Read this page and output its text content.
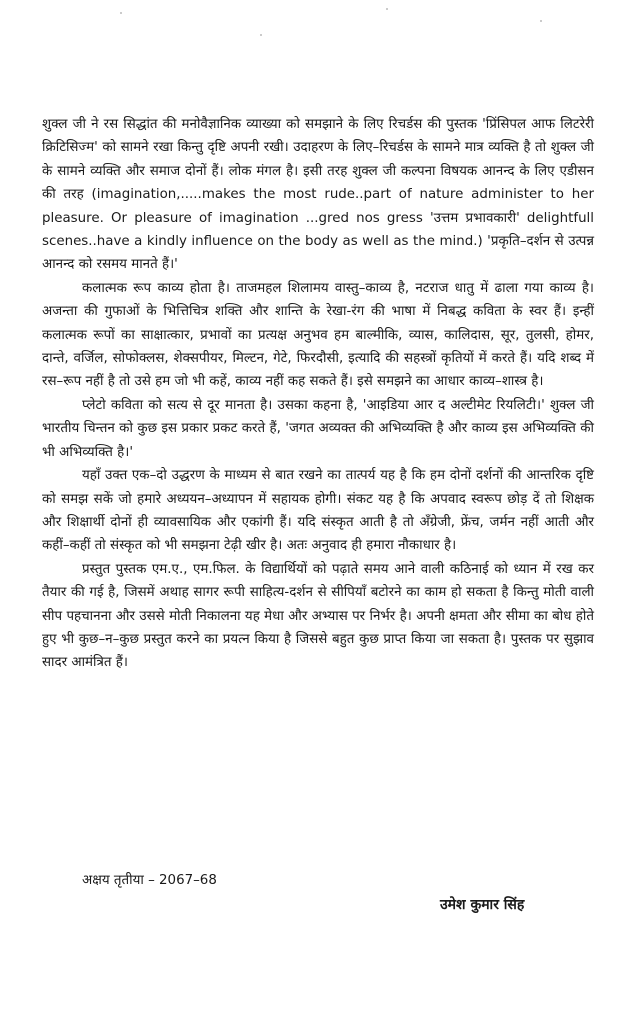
शुक्ल जी ने रस सिद्धांत की मनोवैज्ञानिक व्याख्या को समझाने के लिए रिचर्डस की पुस्तक 'प्रिंसिपल आफ लिटरेरी क्रिटिसिज्म' को सामने रखा किन्तु दृष्टि अपनी रखी। उदाहरण के लिए–रिचर्डस के सामने मात्र व्यक्ति है तो शुक्ल जी के सामने व्यक्ति और समाज दोनों हैं। लोक मंगल है। इसी तरह शुक्ल जी कल्पना विषयक आनन्द के लिए एडीसन की तरह (imagination,.....makes the most rude..part of nature administer to her pleasure. Or pleasure of imagination ...gred nos gress 'उत्तम प्रभावकारी' delightfull scenes..have a kindly influence on the body as well as the mind.) 'प्रकृति–दर्शन से उत्पन्न आनन्द को रसमय मानते हैं।'

कलात्मक रूप काव्य होता है। ताजमहल शिलामय वास्तु–काव्य है, नटराज धातु में ढाला गया काव्य है। अजन्ता की गुफाओं के भित्तिचित्र शक्ति और शान्ति के रेखा-रंग की भाषा में निबद्ध कविता के स्वर हैं। इन्हीं कलात्मक रूपों का साक्षात्कार, प्रभावों का प्रत्यक्ष अनुभव हम बाल्मीकि, व्यास, कालिदास, सूर, तुलसी, होमर, दान्ते, वर्जिल, सोफोक्लस, शेक्सपीयर, मिल्टन, गेटे, फिरदौसी, इत्यादि की सहस्त्रों कृतियों में करते हैं। यदि शब्द में रस–रूप नहीं है तो उसे हम जो भी कहें, काव्य नहीं कह सकते हैं। इसे समझने का आधार काव्य–शास्त्र है।

प्लेटो कविता को सत्य से दूर मानता है। उसका कहना है, 'आइडिया आर द अल्टीमेट रियलिटी।' शुक्ल जी भारतीय चिन्तन को कुछ इस प्रकार प्रकट करते हैं, 'जगत अव्यक्त की अभिव्यक्ति है और काव्य इस अभिव्यक्ति की भी अभिव्यक्ति है।'

यहाँ उक्त एक–दो उद्धरण के माध्यम से बात रखने का तात्पर्य यह है कि हम दोनों दर्शनों की आन्तरिक दृष्टि को समझ सकें जो हमारे अध्ययन–अध्यापन में सहायक होगी। संकट यह है कि अपवाद स्वरूप छोड़ दें तो शिक्षक और शिक्षार्थी दोनों ही व्यावसायिक और एकांगी हैं। यदि संस्कृत आती है तो अँग्रेजी, फ्रेंच, जर्मन नहीं आती और कहीं–कहीं तो संस्कृत को भी समझना टेढ़ी खीर है। अतः अनुवाद ही हमारा नौकाधार है।

प्रस्तुत पुस्तक एम.ए., एम.फिल. के विद्यार्थियों को पढ़ाते समय आने वाली कठिनाई को ध्यान में रख कर तैयार की गई है, जिसमें अथाह सागर रूपी साहित्य-दर्शन से सीपियाँ बटोरने का काम हो सकता है किन्तु मोती वाली सीप पहचानना और उससे मोती निकालना यह मेधा और अभ्यास पर निर्भर है। अपनी क्षमता और सीमा का बोध होते हुए भी कुछ–न–कुछ प्रस्तुत करने का प्रयत्न किया है जिससे बहुत कुछ प्राप्त किया जा सकता है। पुस्तक पर सुझाव सादर आमंत्रित हैं।

अक्षय तृतीया – 2067–68

उमेश कुमार सिंह
